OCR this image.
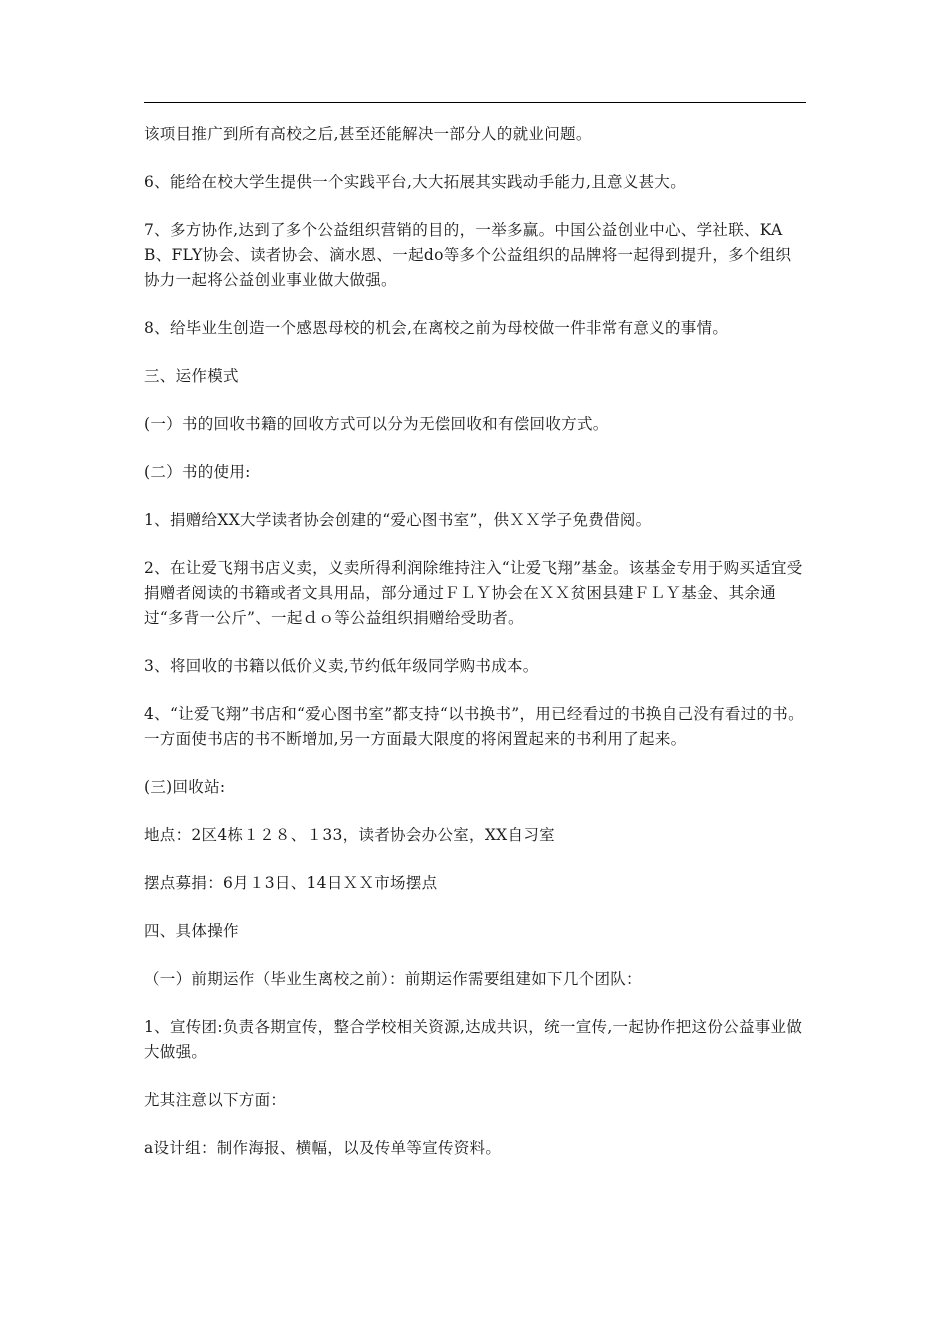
该项目推广到所有高校之后,甚至还能解决一部分人的就业问题。

6、能给在校大学生提供一个实践平台,大大拓展其实践动手能力,且意义甚大。

7、多方协作,达到了多个公益组织营销的目的，一举多赢。中国公益创业中心、学社联、KA B、FLY协会、读者协会、滴水恩、一起do等多个公益组织的品牌将一起得到提升，多个组织协力一起将公益创业事业做大做强。

8、给毕业生创造一个感恩母校的机会,在离校之前为母校做一件非常有意义的事情。

三、运作模式

(一）书的回收书籍的回收方式可以分为无偿回收和有偿回收方式。

(二）书的使用:

1、捐赠给XX大学读者协会创建的“爱心图书室”，供ＸＸ学子免费借阅。

2、在让爱飞翔书店义卖，义卖所得利润除维持注入“让爱飞翔”基金。该基金专用于购买适宜受捐赠者阅读的书籍或者文具用品，部分通过ＦＬＹ协会在ＸＸ贫困县建ＦＬＹ基金、其余通过“多背一公斤”、一起ｄｏ等公益组织捐赠给受助者。

3、将回收的书籍以低价义卖,节约低年级同学购书成本。

4、“让爱飞翔”书店和“爱心图书室”都支持“以书换书”，用已经看过的书换自己没有看过的书。一方面使书店的书不断增加,另一方面最大限度的将闲置起来的书利用了起来。

(三)回收站:

地点：2区4栋１２８、１33，读者协会办公室，XX自习室

摆点募捐：6月１3日、14日ＸＸ市场摆点

四、具体操作

（一）前期运作（毕业生离校之前）：前期运作需要组建如下几个团队：

1、宣传团:负责各期宣传，整合学校相关资源,达成共识，统一宣传,一起协作把这份公益事业做大做强。

尤其注意以下方面：

a设计组：制作海报、横幅，以及传单等宣传资料。
